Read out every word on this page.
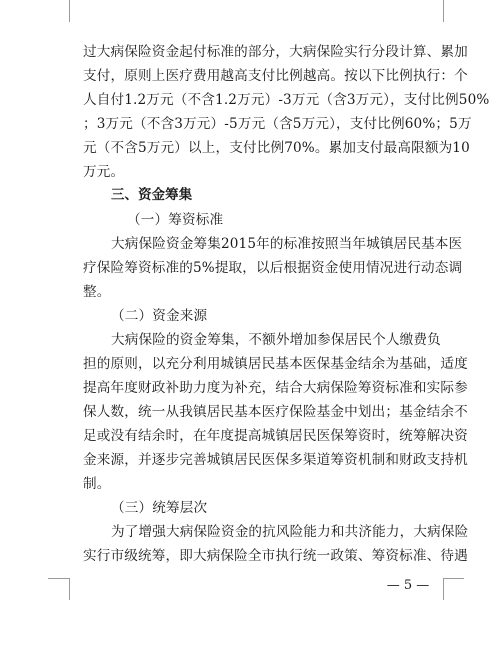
过大病保险资金起付标准的部分，大病保险实行分段计算、累加
支付，原则上医疗费用越高支付比例越高。按以下比例执行：个
人自付1.2万元（不含1.2万元）-3万元（含3万元），支付比例50%
；3万元（不含3万元）-5万元（含5万元），支付比例60%；5万
元（不含5万元）以上，支付比例70%。累加支付最高限额为10
万元。
三、资金筹集
（一）筹资标准
大病保险资金筹集2015年的标准按照当年城镇居民基本医
疗保险筹资标准的5%提取，以后根据资金使用情况进行动态调
整。
（二）资金来源
大病保险的资金筹集，不额外增加参保居民个人缴费负
担的原则，以充分利用城镇居民基本医保基金结余为基础，适度
提高年度财政补助力度为补充，结合大病保险筹资标准和实际参
保人数，统一从我镇居民基本医疗保险基金中划出；基金结余不
足或没有结余时，在年度提高城镇居民医保筹资时，统筹解决资
金来源，并逐步完善城镇居民医保多渠道筹资机制和财政支持机
制。
（三）统筹层次
为了增强大病保险资金的抗风险能力和共济能力，大病保险
实行市级统筹，即大病保险全市执行统一政策、筹资标准、待遇
— 5 —
